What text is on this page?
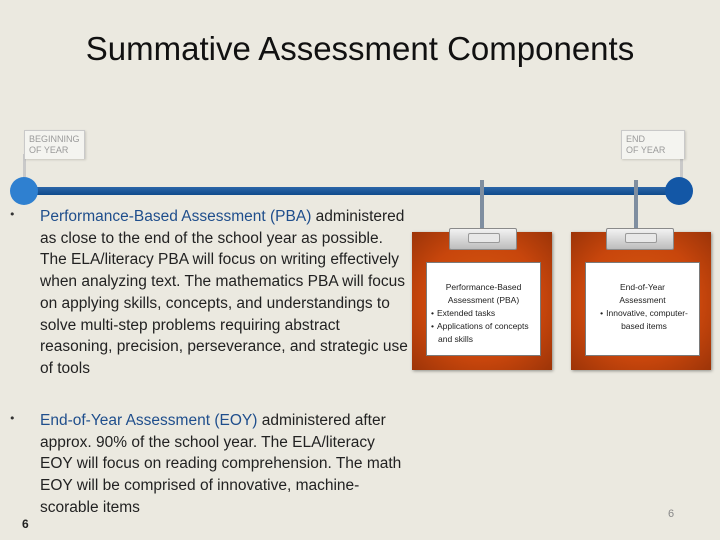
Summative Assessment Components
BEGINNING
OF YEAR
END
OF YEAR
• Performance-Based Assessment (PBA) administered as close to the end of the school year as possible. The ELA/literacy PBA will focus on writing effectively when analyzing text. The mathematics PBA will focus on applying skills, concepts, and understandings to solve multi-step problems requiring abstract reasoning, precision, perseverance, and strategic use of tools
• End-of-Year Assessment (EOY) administered after approx. 90% of the school year. The ELA/literacy EOY will focus on reading comprehension. The math EOY will be comprised of innovative, machine-scorable items
Performance-Based
Assessment (PBA)
• Extended tasks
• Applications of concepts and skills
End-of-Year
Assessment
• Innovative, computer-based items
6
6
